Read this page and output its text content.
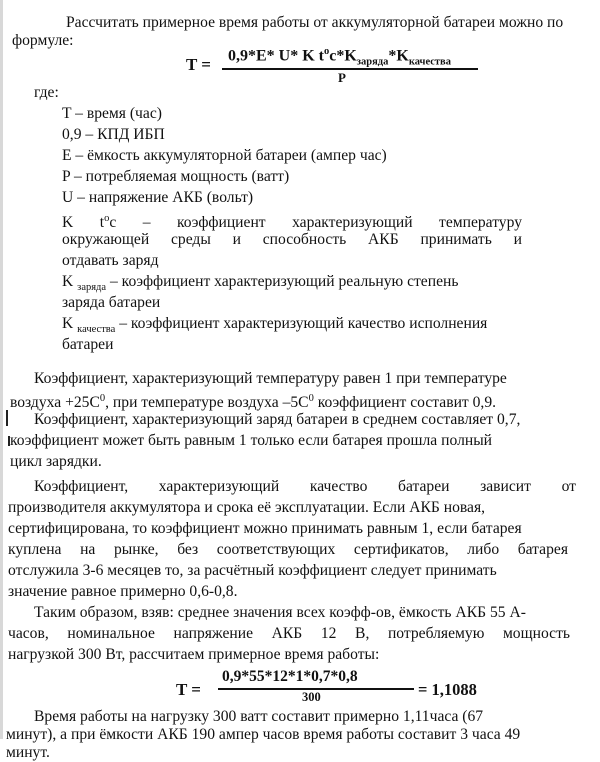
Рассчитать примерное время работы от аккумуляторной батареи можно по
формуле:
T = 0,9*E* U* K $t^oc*K_{заряда}*K_{качества}$
P
где:
T – время (час)
0,9 – КПД ИБП
E – ёмкость аккумуляторной батареи (ампер час)
P – потребляемая мощность (ватт)
U – напряжение АКБ (вольт)
K $t^oc$ – коэффициент характеризующий температуру
окружающей среды и способность АКБ принимать и
отдавать заряд
K $_{заряда}$ – коэффициент характеризующий реальную степень
заряда батареи
K $_{качества}$ – коэффициент характеризующий качество исполнения
батареи
Коэффициент, характеризующий температуру равен 1 при температуре
воздуха $+25C^0$, при температуре воздуха $-5C^0$ коэффициент составит 0,9.
Коэффициент, характеризующий заряд батареи в среднем составляет 0,7,
коэффициент может быть равным 1 только если батарея прошла полный
цикл зарядки.
Коэффициент, характеризующий качество батареи зависит от
производителя аккумулятора и срока её эксплуатации. Если АКБ новая,
сертифицирована, то коэффициент можно принимать равным 1, если батарея
куплена на рынке, без соответствующих сертификатов, либо батарея
отслужила 3-6 месяцев то, за расчётный коэффициент следует принимать
значение равное примерно 0,6-0,8.
Таким образом, взяв: среднее значения всех коэфф-ов, ёмкость АКБ 55 А-
часов, номинальное напряжение АКБ 12 В, потребляемую мощность
нагрузкой 300 Вт, рассчитаем примерное время работы:
T =
0,9*55*12*1*0,7*0,8
300	= 1,1088
Время работы на нагрузку 300 ватт составит примерно 1,11часа (67
минут), а при ёмкости АКБ 190 ампер часов время работы составит 3 часа 49
минут.
